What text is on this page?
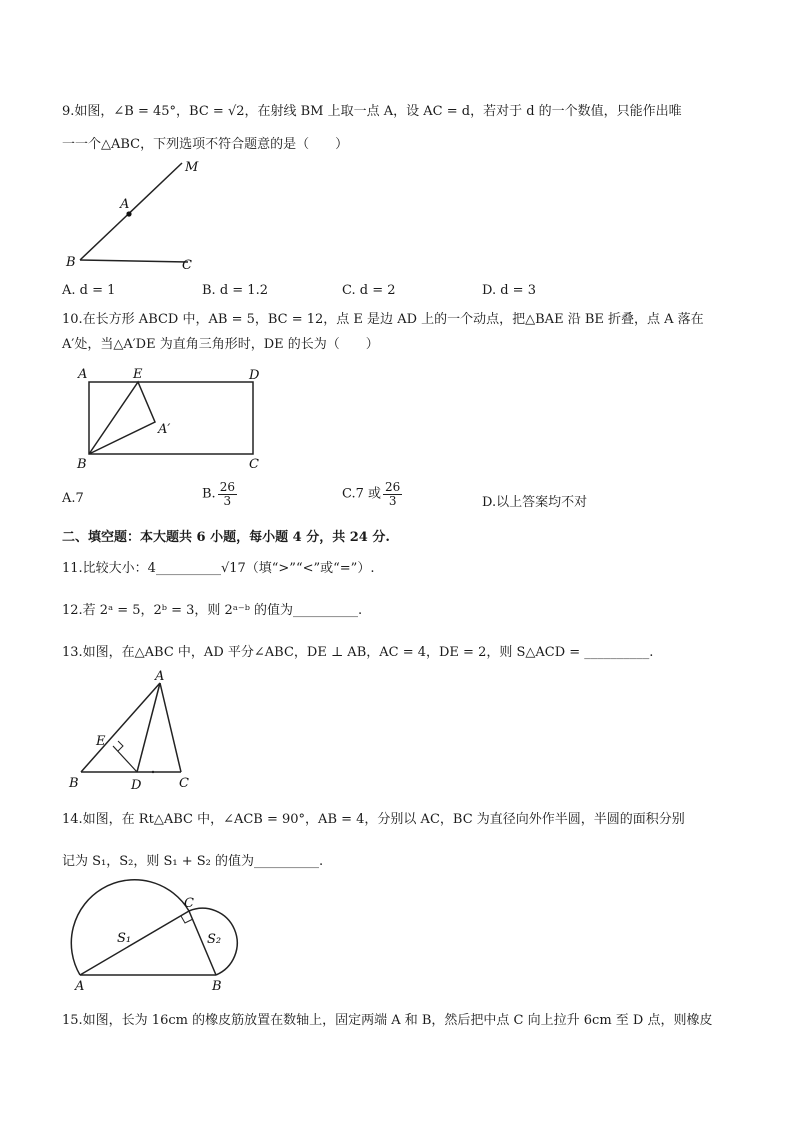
9.如图，∠B = 45°，BC = √2，在射线 BM 上取一点 A，设 AC = d，若对于 d 的一个数值，只能作出唯
一一个△ABC，下列选项不符合题意的是（　　）
M
A
B	C
A. d = 1	B. d = 1.2	C. d = 2	D. d = 3
10.在长方形 ABCD 中，AB = 5，BC = 12，点 E 是边 AD 上的一个动点，把△BAE 沿 BE 折叠，点 A 落在
A′处，当△A′DE 为直角三角形时，DE 的长为（　　）
A	E	D
A′
B	C
A.7	B. $\frac{26}{3}$	C.7 或 $\frac{26}{3}$	D.以上答案均不对
二、填空题：本大题共 6 小题，每小题 4 分，共 24 分.
11.比较大小：4__________√17（填“>”“<”或“=”）.
12.若 2ᵃ = 5，2ᵇ = 3，则 2ᵃ⁻ᵇ 的值为__________.
13.如图，在△ABC 中，AD 平分∠ABC，DE ⊥ AB，AC = 4，DE = 2，则 S△ACD = __________.
A
E
B	D	C
14.如图，在 Rt△ABC 中，∠ACB = 90°，AB = 4，分别以 AC，BC 为直径向外作半圆，半圆的面积分别
记为 S₁，S₂，则 S₁ + S₂ 的值为__________.
C
S₁	S₂
A	B
15.如图，长为 16cm 的橡皮筋放置在数轴上，固定两端 A 和 B，然后把中点 C 向上拉升 6cm 至 D 点，则橡皮
